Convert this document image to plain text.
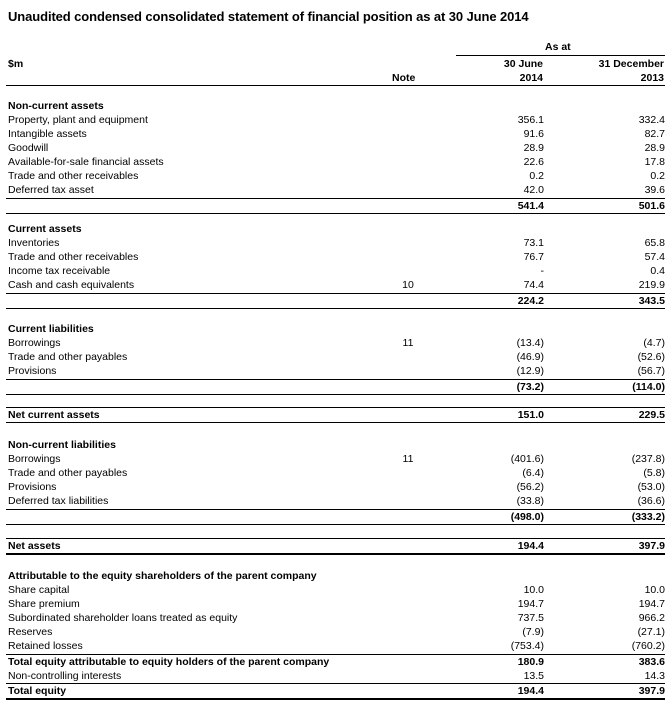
Unaudited condensed consolidated statement of financial position as at 30 June 2014
As at
$m	30 June	31 December
Note	2014	2013
Non-current assets
Property, plant and equipment	356.1	332.4
Intangible assets	91.6	82.7
Goodwill	28.9	28.9
Available-for-sale financial assets	22.6	17.8
Trade and other receivables	0.2	0.2
Deferred tax asset	42.0	39.6
541.4	501.6
Current assets
Inventories	73.1	65.8
Trade and other receivables	76.7	57.4
Income tax receivable	-	0.4
Cash and cash equivalents	10	74.4	219.9
224.2	343.5
Current liabilities
Borrowings	11	(13.4)	(4.7)
Trade and other payables	(46.9)	(52.6)
Provisions	(12.9)	(56.7)
(73.2)	(114.0)
Net current assets	151.0	229.5
Non-current liabilities
Borrowings	11	(401.6)	(237.8)
Trade and other payables	(6.4)	(5.8)
Provisions	(56.2)	(53.0)
Deferred tax liabilities	(33.8)	(36.6)
(498.0)	(333.2)
Net assets	194.4	397.9
Attributable to the equity shareholders of the parent company
Share capital	10.0	10.0
Share premium	194.7	194.7
Subordinated shareholder loans treated as equity	737.5	966.2
Reserves	(7.9)	(27.1)
Retained losses	(753.4)	(760.2)
Total equity attributable to equity holders of the parent company	180.9	383.6
Non-controlling interests	13.5	14.3
Total equity	194.4	397.9
